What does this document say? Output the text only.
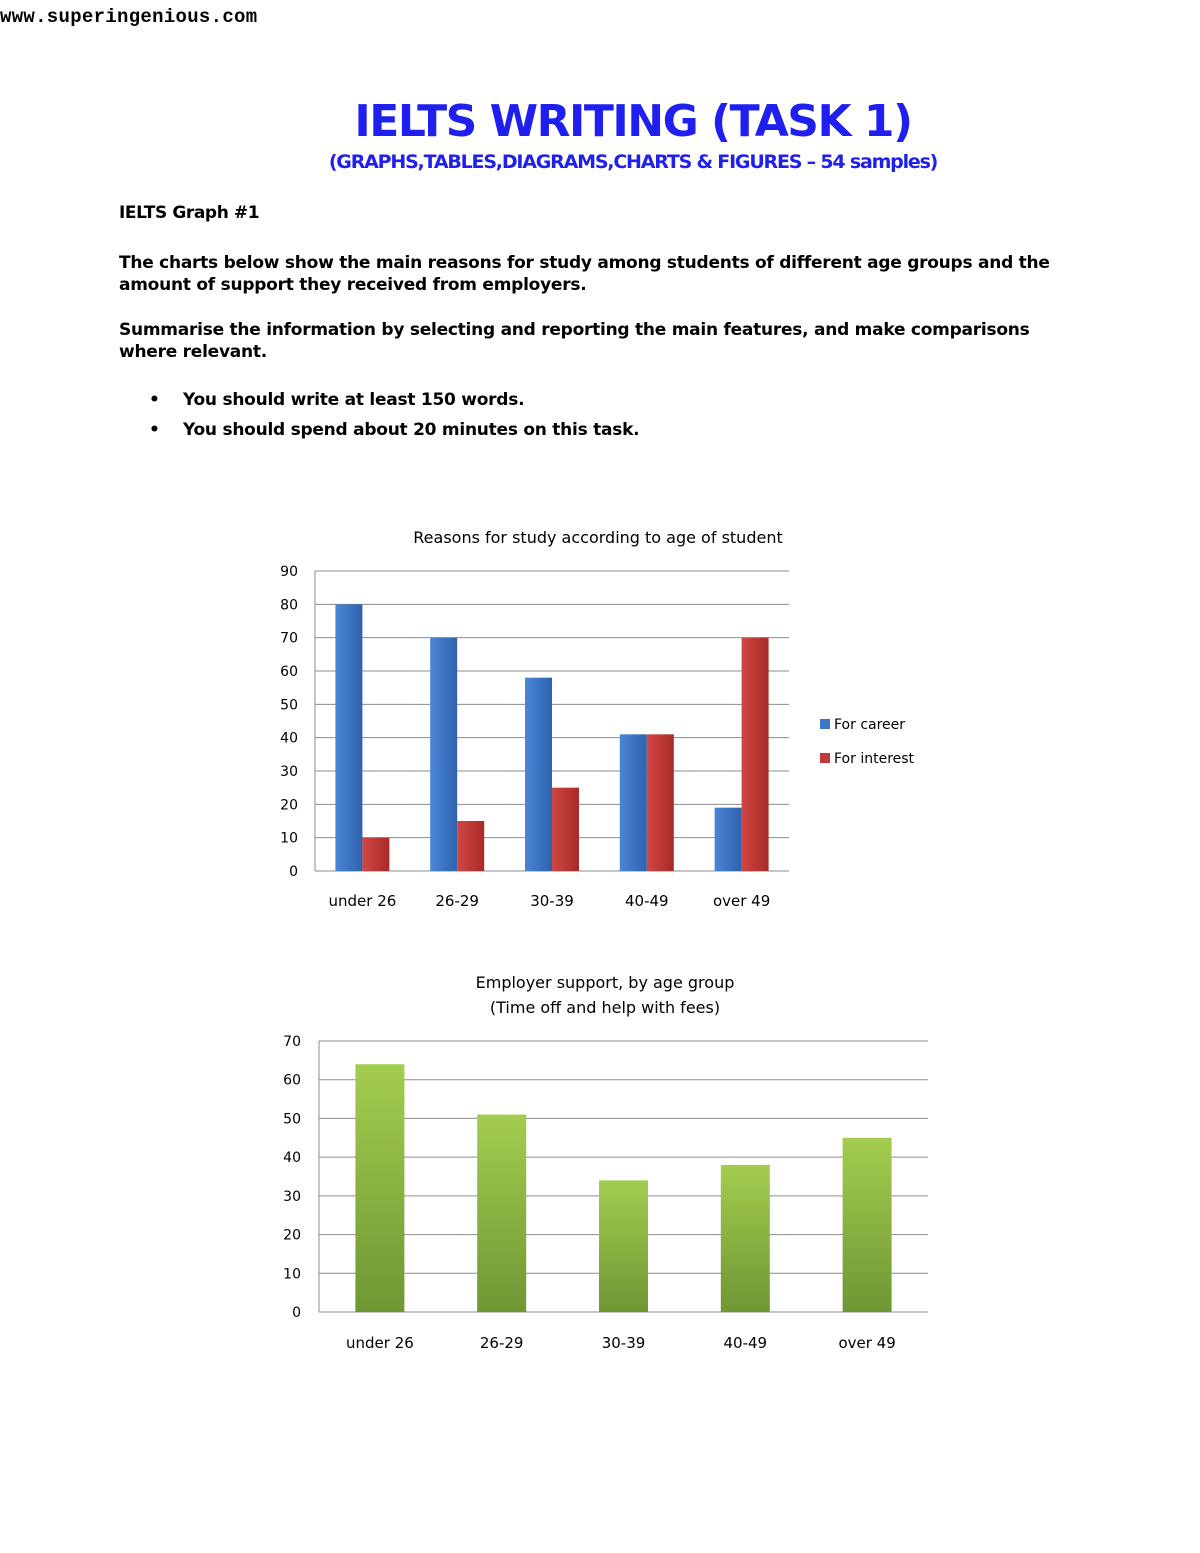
www.superingenious.com
IELTS WRITING (TASK 1)
(GRAPHS,TABLES,DIAGRAMS,CHARTS & FIGURES – 54 samples)
IELTS Graph #1
The charts below show the main reasons for study among students of different age groups and the amount of support they received from employers.
Summarise the information by selecting and reporting the main features, and make comparisons where relevant.
• You should write at least 150 words.
• You should spend about 20 minutes on this task.
Reasons for study according to age of student
0
10
20
30
40
50
60
70
80
90
under 26	26-29	30-39	40-49	over 49
For career
For interest
Employer support, by age group
(Time off and help with fees)
0
10
20
30
40
50
60
70
under 26	26-29	30-39	40-49	over 49
